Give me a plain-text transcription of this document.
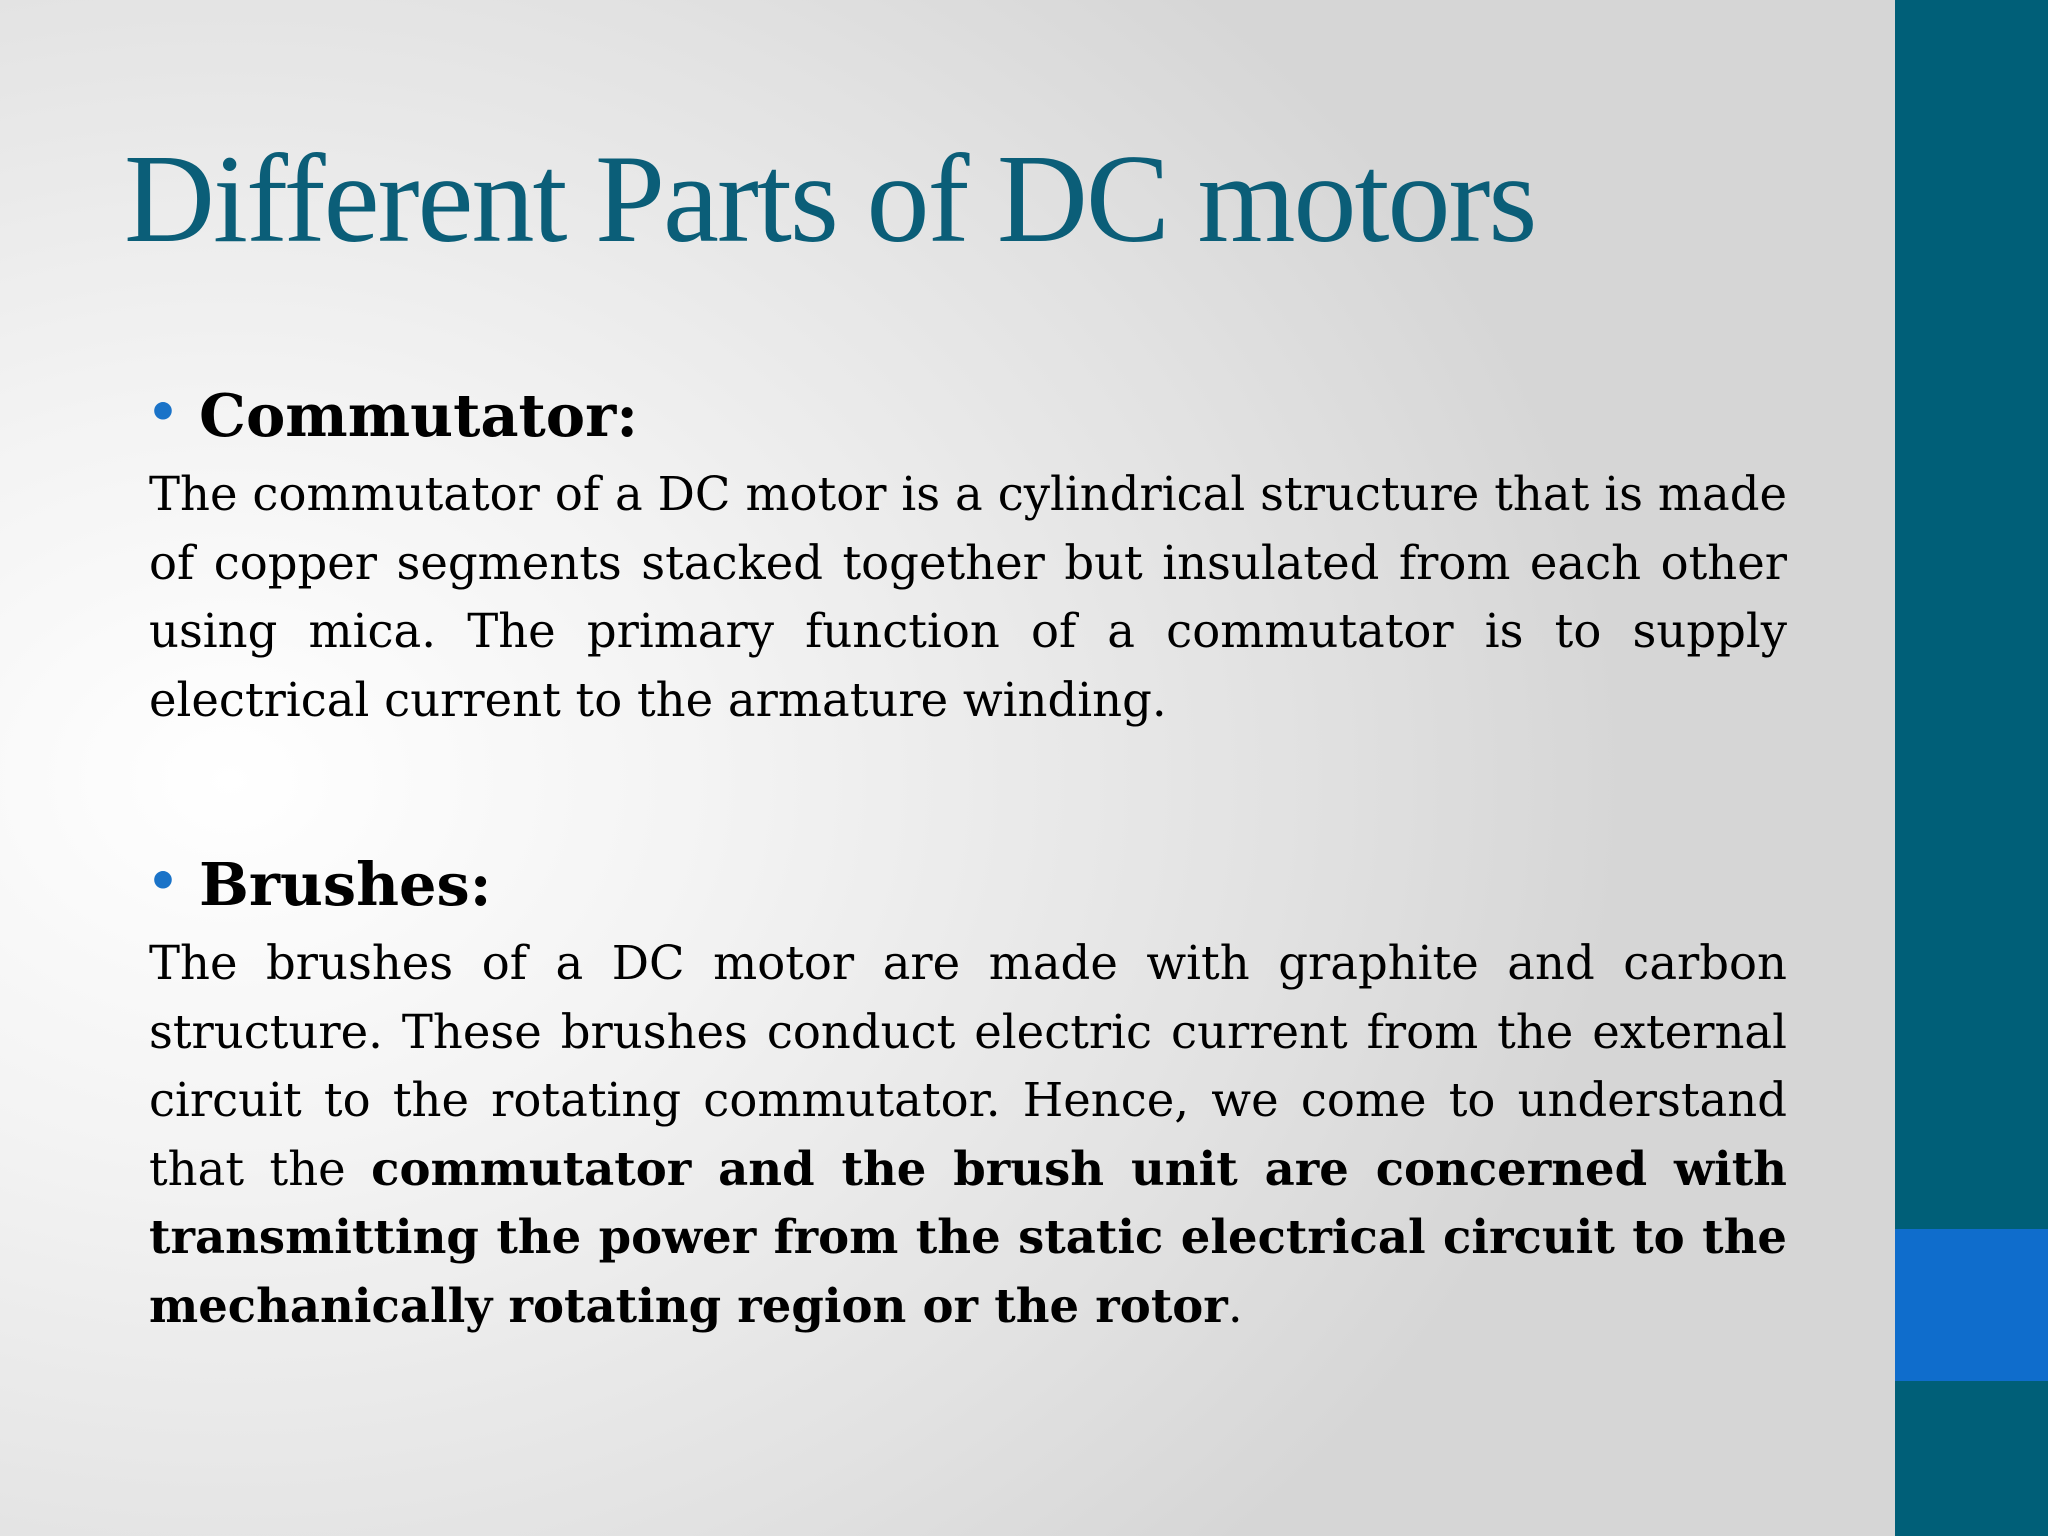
Different Parts of DC motors
• Commutator:

The commutator of a DC motor is a cylindrical structure that is made of copper segments stacked together but insulated from each other using mica. The primary function of a commutator is to supply electrical current to the armature winding.

• Brushes:

The brushes of a DC motor are made with graphite and carbon structure. These brushes conduct electric current from the external circuit to the rotating commutator. Hence, we come to understand that the commutator and the brush unit are concerned with transmitting the power from the static electrical circuit to the mechanically rotating region or the rotor.
